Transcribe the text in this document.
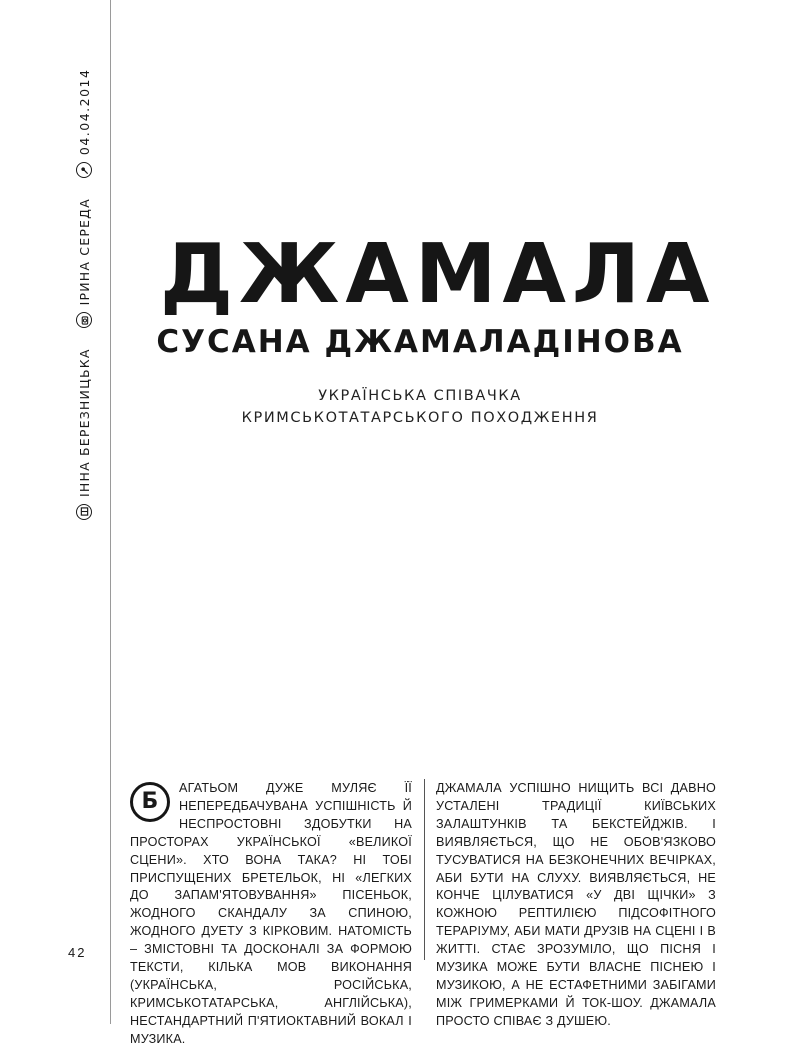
ІННА БЕРЕЗНИЦЬКА
ІРИНА СЕРЕДА
04.04.2014
ДЖАМАЛА
СУСАНА ДЖАМАЛАДІНОВА
УКРАЇНСЬКА СПІВАЧКА
КРИМСЬКОТАТАРСЬКОГО ПОХОДЖЕННЯ
Б

АГАТЬОМ ДУЖЕ МУЛЯЄ ЇЇ НЕПЕРЕДБАЧУВАНА УСПІШНІСТЬ Й НЕСПРОСТОВНІ ЗДОБУТКИ НА ПРОСТОРАХ УКРАЇНСЬКОЇ «ВЕЛИКОЇ СЦЕНИ». ХТО ВОНА ТАКА? НІ ТОБІ ПРИСПУЩЕНИХ БРЕТЕЛЬОК, НІ «ЛЕГКИХ ДО ЗАПАМ'ЯТОВУВАННЯ» ПІСЕНЬОК, ЖОДНОГО СКАНДАЛУ ЗА СПИНОЮ, ЖОДНОГО ДУЕТУ З КІРКОВИМ. НАТОМІСТЬ – ЗМІСТОВНІ ТА ДОСКОНАЛІ ЗА ФОРМОЮ ТЕКСТИ, КІЛЬКА МОВ ВИКОНАННЯ (УКРАЇНСЬКА, РОСІЙСЬКА, КРИМСЬКОТАТАРСЬКА, АНГЛІЙСЬКА), НЕСТАНДАРТНИЙ П'ЯТИОКТАВНИЙ ВОКАЛ І МУЗИКА.

ДЖАМАЛА УСПІШНО НИЩИТЬ ВСІ ДАВНО УСТАЛЕНІ ТРАДИЦІЇ КИЇВСЬКИХ ЗАЛАШТУНКІВ ТА БЕКСТЕЙДЖІВ. І ВИЯВЛЯЄТЬСЯ, ЩО НЕ ОБОВ'ЯЗКОВО ТУСУВАТИСЯ НА БЕЗКОНЕЧНИХ ВЕЧІРКАХ, АБИ БУТИ НА СЛУХУ. ВИЯВЛЯЄТЬСЯ, НЕ КОНЧЕ ЦІЛУВАТИСЯ «У ДВІ ЩІЧКИ» З КОЖНОЮ РЕПТИЛІЄЮ ПІДСОФІТНОГО ТЕРАРІУМУ, АБИ МАТИ ДРУЗІВ НА СЦЕНІ І В ЖИТТІ. СТАЄ ЗРОЗУМІЛО, ЩО ПІСНЯ І МУЗИКА МОЖЕ БУТИ ВЛАСНЕ ПІСНЕЮ І МУЗИКОЮ, А НЕ ЕСТАФЕТНИМИ ЗАБІГАМИ МІЖ ГРИМЕРКАМИ Й ТОК-ШОУ. ДЖАМАЛА ПРОСТО СПІВАЄ З ДУШЕЮ.

42
